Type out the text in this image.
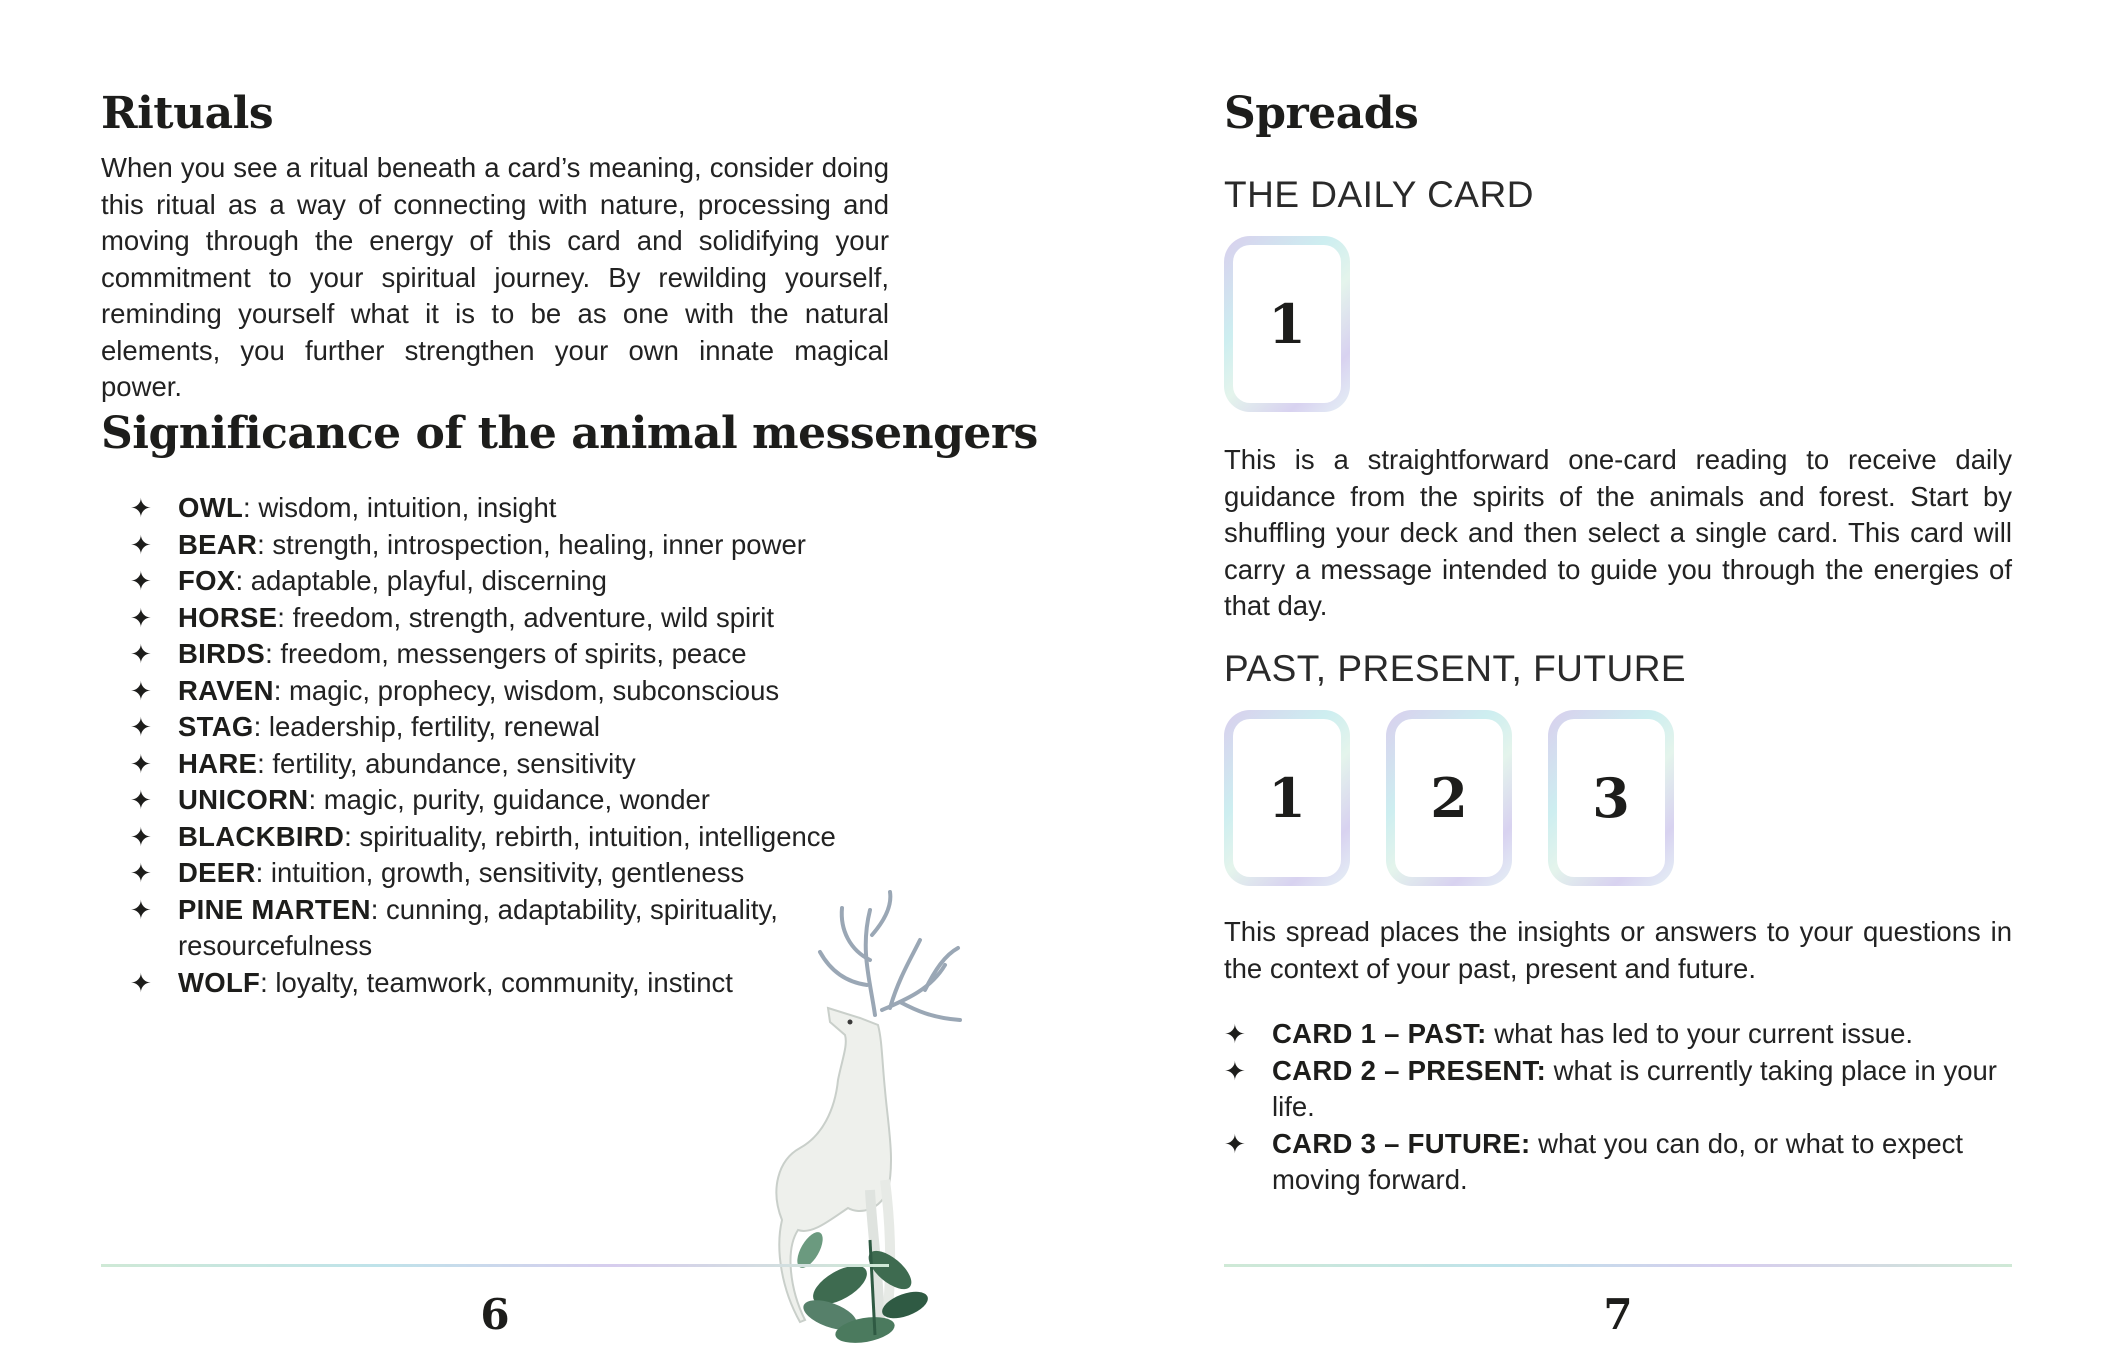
Rituals

When you see a ritual beneath a card’s meaning, consider doing this ritual as a way of connecting with nature, processing and moving through the energy of this card and solidifying your commitment to your spiritual journey. By rewilding yourself, reminding yourself what it is to be as one with the natural elements, you further strengthen your own innate magical power.

Significance of the animal messengers
✦ OWL: wisdom, intuition, insight
✦ BEAR: strength, introspection, healing, inner power
✦ FOX: adaptable, playful, discerning
✦ HORSE: freedom, strength, adventure, wild spirit
✦ BIRDS: freedom, messengers of spirits, peace
✦ RAVEN: magic, prophecy, wisdom, subconscious
✦ STAG: leadership, fertility, renewal
✦ HARE: fertility, abundance, sensitivity
✦ UNICORN: magic, purity, guidance, wonder
✦ BLACKBIRD: spirituality, rebirth, intuition, intelligence
✦ DEER: intuition, growth, sensitivity, gentleness
✦ PINE MARTEN: cunning, adaptability, spirituality, resourcefulness
✦ WOLF: loyalty, teamwork, community, instinct

6

Spreads
THE DAILY CARD
1

This is a straightforward one-card reading to receive daily guidance from the spirits of the animals and forest. Start by shuffling your deck and then select a single card. This card will carry a message intended to guide you through the energies of that day.

PAST, PRESENT, FUTURE
1 2 3

This spread places the insights or answers to your questions in the context of your past, present and future.

✦ CARD 1 – PAST: what has led to your current issue.
✦ CARD 2 – PRESENT: what is currently taking place in your life.
✦ CARD 3 – FUTURE: what you can do, or what to expect moving forward.

7
